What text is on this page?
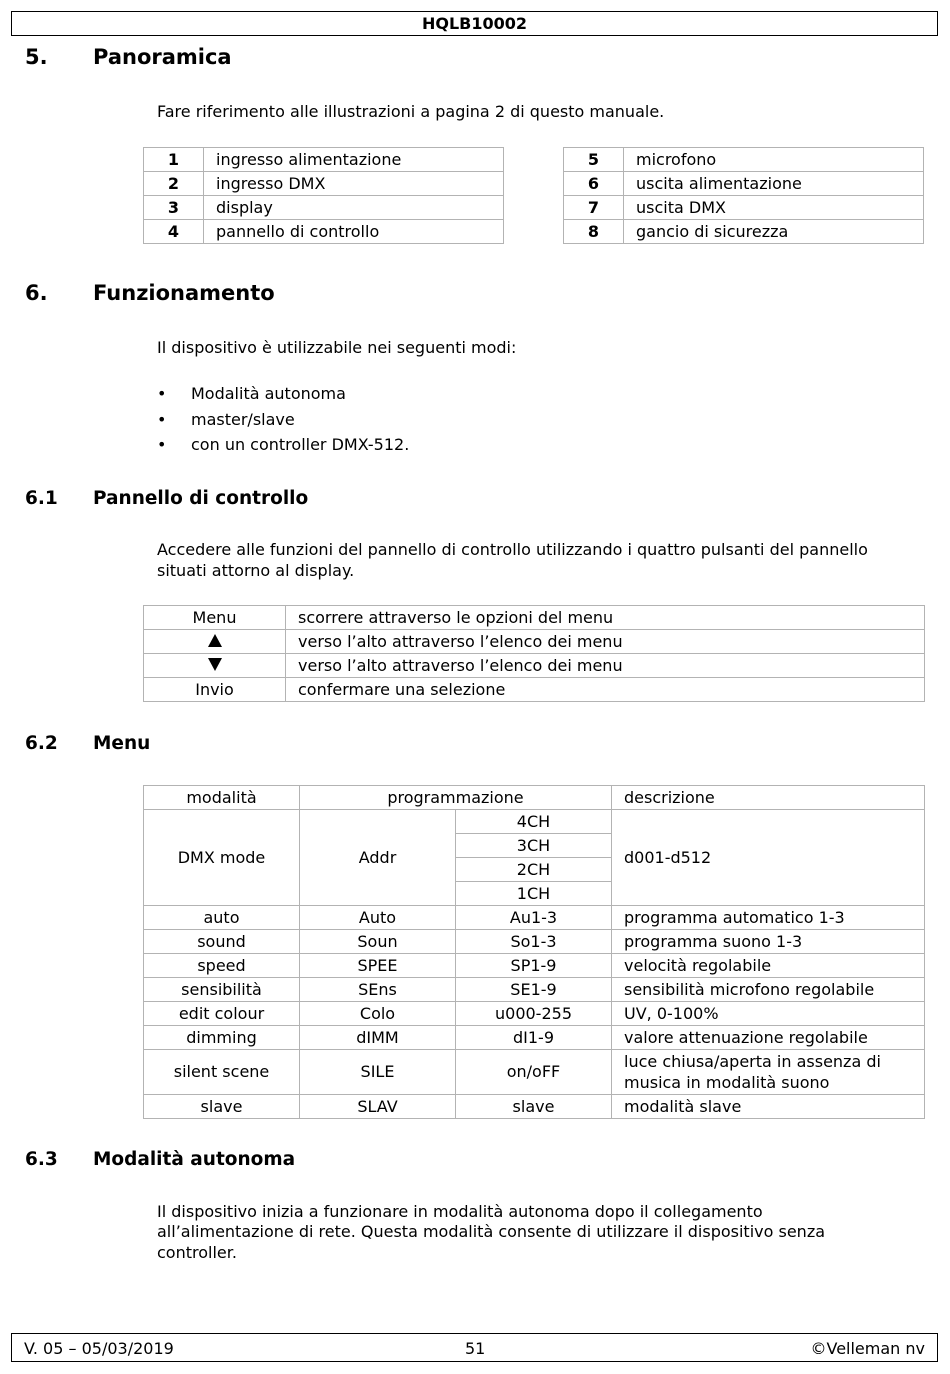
HQLB10002
5. Panoramica
Fare riferimento alle illustrazioni a pagina 2 di questo manuale.
1	ingresso alimentazione
2	ingresso DMX
3	display
4	pannello di controllo
5	microfono
6	uscita alimentazione
7	uscita DMX
8	gancio di sicurezza
6. Funzionamento
Il dispositivo è utilizzabile nei seguenti modi:
• Modalità autonoma
• master/slave
• con un controller DMX-512.
6.1 Pannello di controllo
Accedere alle funzioni del pannello di controllo utilizzando i quattro pulsanti del pannello
situati attorno al display.
Menu	scorrere attraverso le opzioni del menu
	verso l’alto attraverso l’elenco dei menu
	verso l’alto attraverso l’elenco dei menu
Invio	confermare una selezione
6.2 Menu
modalità	programmazione		descrizione
DMX mode	Addr	4CH	d001-d512
		3CH	
		2CH	
		1CH	
auto	Auto	Au1-3	programma automatico 1-3
sound	Soun	So1-3	programma suono 1-3
speed	SPEE	SP1-9	velocità regolabile
sensibilità	SEns	SE1-9	sensibilità microfono regolabile
edit colour	Colo	u000-255	UV, 0-100%
dimming	dIMM	dI1-9	valore attenuazione regolabile
silent scene	SILE	on/oFF	luce chiusa/aperta in assenza di
musica in modalità suono

slave	SLAV	slave	modalità slave
6.3 Modalità autonoma
Il dispositivo inizia a funzionare in modalità autonoma dopo il collegamento
all’alimentazione di rete. Questa modalità consente di utilizzare il dispositivo senza
controller.
V. 05 – 05/03/2019	51	©Velleman nv
